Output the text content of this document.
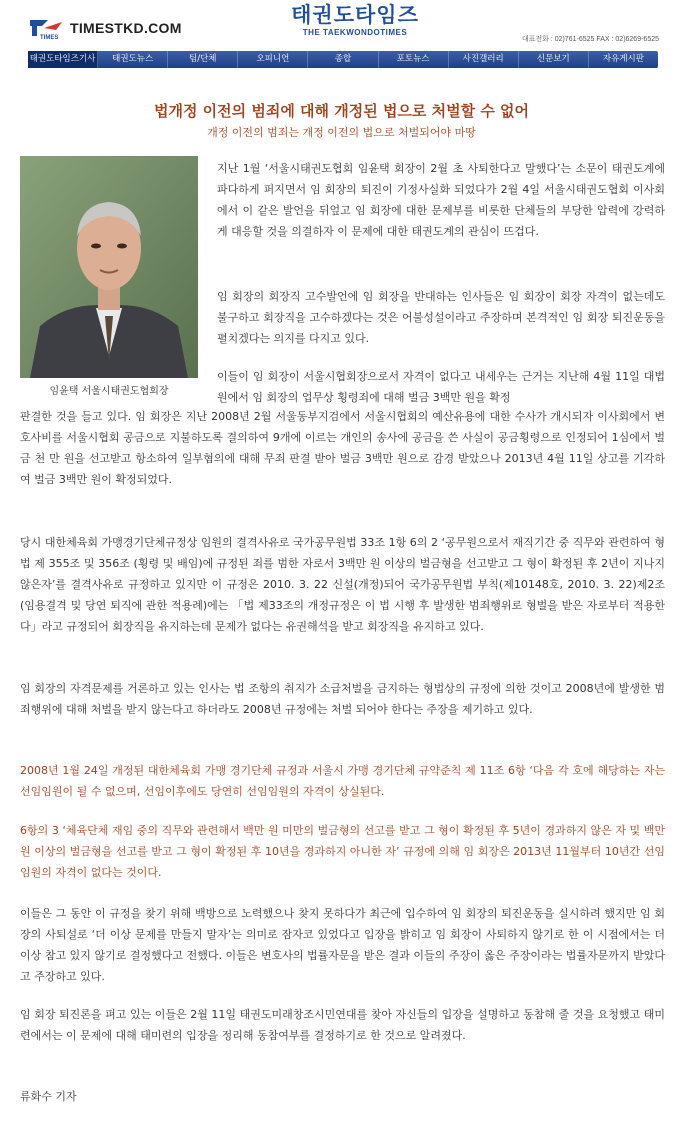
TIMES
TIMESTKD.COM
태권도타임즈
THE TAEKWONDOTIMES
대표전화 : 02)761-6525 FAX : 02)6269-6525
태권도타임즈기사	태권도뉴스	팀/단체	오피니언	종합	포토뉴스	사진갤러리	신문보기	자유게시판
법개정 이전의 범죄에 대해 개정된 법으로 처벌할 수 없어
개정 이전의 범죄는 개정 이전의 법으로 처벌되어야 마땅
임윤택 서울시태권도협회장

지난 1월 ‘서울시태권도협회 임윤택 회장이 2월 초 사퇴한다고 말했다’는 소문이 태권도계에 파다하게 퍼지면서 임 회장의 퇴진이 기정사실화 되었다가 2월 4일 서울시태권도협회 이사회에서 이 같은 발언을 뒤엎고 임 회장에 대한 문제부를 비롯한 단체들의 부당한 압력에 강력하게 대응할 것을 의결하자 이 문제에 대한 태권도계의 관심이 뜨겁다.

임 회장의 회장직 고수발언에 임 회장을 반대하는 인사들은 임 회장이 회장 자격이 없는데도 불구하고 회장직을 고수하겠다는 것은 어불성설이라고 주장하며 본격적인 임 회장 퇴진운동을 펼치겠다는 의지를 다지고 있다.

이들이 임 회장이 서울시협회장으로서 자격이 없다고 내세우는 근거는 지난해 4월 11일 대법원에서 임 회장의 업무상 횡령죄에 대해 벌금 3백만 원을 확정

판결한 것을 들고 있다. 임 회장은 지난 2008년 2월 서울동부지검에서 서울시협회의 예산유용에 대한 수사가 개시되자 이사회에서 변호사비를 서울시협회 공금으로 지불하도록 결의하여 9개에 이르는 개인의 송사에 공금을 쓴 사실이 공금횡령으로 인정되어 1심에서 벌금 천 만 원을 선고받고 항소하여 일부혐의에 대해 무죄 판결 받아 벌금 3백만 원으로 감경 받았으나 2013년 4월 11일 상고를 기각하여 벌금 3백만 원이 확정되었다.

당시 대한체육회 가맹경기단체규정상 임원의 결격사유로 국가공무원법 33조 1항 6의 2 ‘공무원으로서 재직기간 중 직무와 관련하여 형법 제 355조 및 356조 (횡령 및 배임)에 규정된 죄를 범한 자로서 3백만 원 이상의 벌금형을 선고받고 그 형이 확정된 후 2년이 지나지 않은자’를 결격사유로 규정하고 있지만 이 규정은 2010. 3. 22 신설(개정)되어 국가공무원법 부칙(제10148호, 2010. 3. 22)제2조(임용결격 및 당연 퇴직에 관한 적용례)에는 「법 제33조의 개정규정은 이 법 시행 후 발생한 범죄행위로 형벌을 받은 자로부터 적용한다」라고 규정되어 회장직을 유지하는데 문제가 없다는 유권해석을 받고 회장직을 유지하고 있다.

임 회장의 자격문제를 거론하고 있는 인사는 법 조항의 취지가 소급처벌을 금지하는 형법상의 규정에 의한 것이고 2008년에 발생한 범죄행위에 대해 처벌을 받지 않는다고 하더라도 2008년 규정에는 처벌 되어야 한다는 주장을 제기하고 있다.

2008년 1월 24일 개정된 대한체육회 가맹 경기단체 규정과 서울시 가맹 경기단체 규약준칙 제 11조 6항 ‘다음 각 호에 해당하는 자는 선임임원이 될 수 없으며, 선임이후에도 당연히 선임임원의 자격이 상실된다.

6항의 3 ‘체육단체 재임 중의 직무와 관련해서 백만 원 미만의 벌금형의 선고를 받고 그 형이 확정된 후 5년이 경과하지 않은 자 및 백만 원 이상의 벌금형을 선고를 받고 그 형이 확정된 후 10년을 경과하지 아니한 자’ 규정에 의해 임 회장은 2013년 11월부터 10년간 선임임원의 자격이 없다는 것이다.

이들은 그 동안 이 규정을 찾기 위해 백방으로 노력했으나 찾지 못하다가 최근에 입수하여 임 회장의 퇴진운동을 실시하려 했지만 임 회장의 사퇴설로 ‘더 이상 문제를 만들지 말자’는 의미로 잠자코 있었다고 입장을 밝히고 임 회장이 사퇴하지 않기로 한 이 시점에서는 더 이상 참고 있지 않기로 결정했다고 전했다. 이들은 변호사의 법률자문을 받은 결과 이들의 주장이 옳은 주장이라는 법률자문까지 받았다고 주장하고 있다.

임 회장 퇴진론을 펴고 있는 이들은 2월 11일 태권도미래창조시민연대를 찾아 자신들의 입장을 설명하고 동참해 줄 것을 요청했고 태미련에서는 이 문제에 대해 태미련의 입장을 정리해 동참여부를 결정하기로 한 것으로 알려졌다.

류화수 기자
